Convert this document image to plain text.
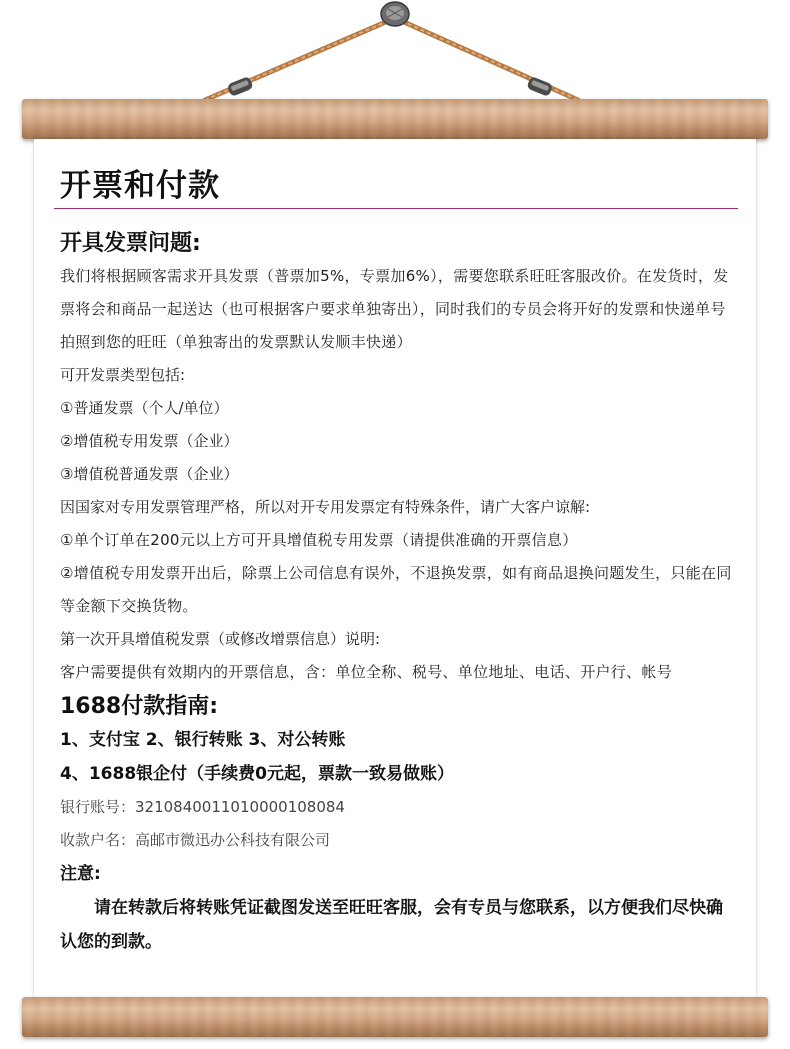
开票和付款
开具发票问题:

我们将根据顾客需求开具发票（普票加5%，专票加6%），需要您联系旺旺客服改价。在发货时，发票将会和商品一起送达（也可根据客户要求单独寄出），同时我们的专员会将开好的发票和快递单号拍照到您的旺旺（单独寄出的发票默认发顺丰快递）

可开发票类型包括:

①普通发票（个人/单位）

②增值税专用发票（企业）

③增值税普通发票（企业）

因国家对专用发票管理严格，所以对开专用发票定有特殊条件，请广大客户谅解:

①单个订单在200元以上方可开具增值税专用发票（请提供准确的开票信息）

②增值税专用发票开出后，除票上公司信息有误外，不退换发票，如有商品退换问题发生，只能在同等金额下交换货物。

第一次开具增值税发票（或修改增票信息）说明:

客户需要提供有效期内的开票信息，含：单位全称、税号、单位地址、电话、开户行、帐号

1688付款指南:

1、支付宝 2、银行转账 3、对公转账

4、1688银企付（手续费0元起，票款一致易做账）

银行账号：3210840011010000108084

收款户名：高邮市微迅办公科技有限公司

注意:

请在转款后将转账凭证截图发送至旺旺客服，会有专员与您联系，以方便我们尽快确认您的到款。
